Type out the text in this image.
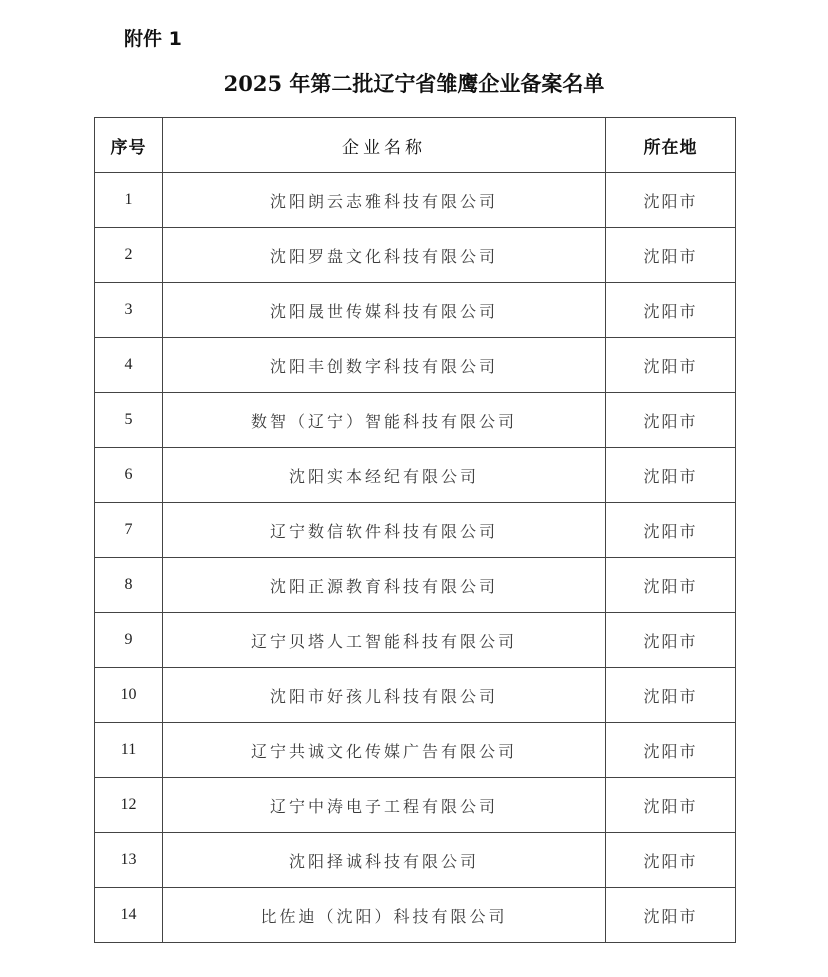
附件 1
2025 年第二批辽宁省雏鹰企业备案名单
序号	企业名称	所在地
1	沈阳朗云志雅科技有限公司	沈阳市
2	沈阳罗盘文化科技有限公司	沈阳市
3	沈阳晟世传媒科技有限公司	沈阳市
4	沈阳丰创数字科技有限公司	沈阳市
5	数智（辽宁）智能科技有限公司	沈阳市
6	沈阳实本经纪有限公司	沈阳市
7	辽宁数信软件科技有限公司	沈阳市
8	沈阳正源教育科技有限公司	沈阳市
9	辽宁贝塔人工智能科技有限公司	沈阳市
10	沈阳市好孩儿科技有限公司	沈阳市
11	辽宁共诚文化传媒广告有限公司	沈阳市
12	辽宁中涛电子工程有限公司	沈阳市
13	沈阳择诚科技有限公司	沈阳市
14	比佐迪（沈阳）科技有限公司	沈阳市
